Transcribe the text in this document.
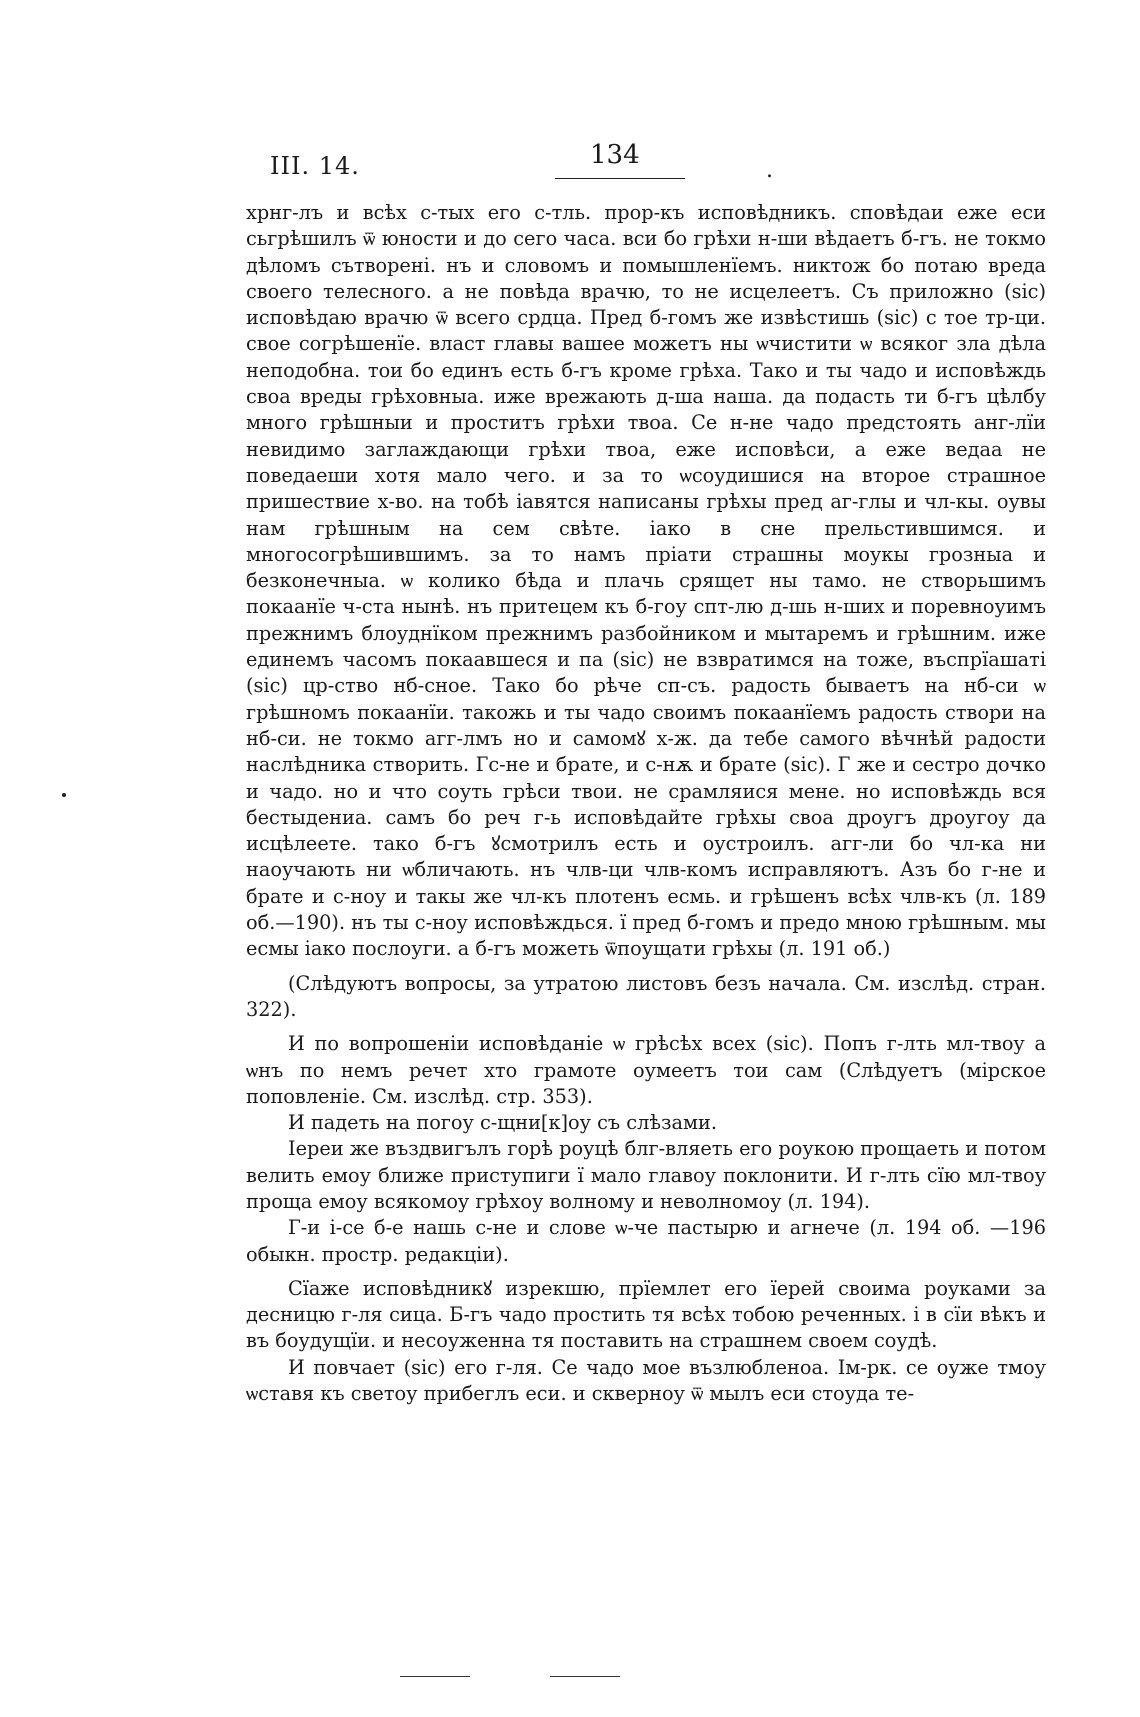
III. 14.	134
.

хрнг-лъ и всѣх с-тых его с-тль. прор-къ исповѣдникъ. сповѣдаи еже еси сьгрѣшилъ ѿ юности и до сего часа. вси бо грѣхи н-ши вѣдаетъ б-гъ. не токмо дѣломъ сътворені. нъ и словомъ и помышленїемъ. никтож бо потаю вреда своего телесного. а не повѣда врачю, то не исцелеетъ. Съ приложно (sic) исповѣдаю врачю ѿ всего срдца. Пред б-гомъ же извѣстишь (sic) с тое тр-ци. свое согрѣшенїе. власт главы вашее можетъ ны ѡчистити ѡ всяког зла дѣла неподобна. тои бо единъ есть б-гъ кроме грѣха. Тако и ты чадо и исповѣждь своа вреды грѣховныа. иже врежають д-ша наша. да подасть ти б-гъ цѣлбу много грѣшныи и проститъ грѣхи твоа. Се н-не чадо предстоять анг-лїи невидимо заглаждающи грѣхи твоа, еже исповѣси, а еже ведаа не поведаеши хотя мало чего. и за то ѡсоудишися на второе страшное пришествие х-во. на тобѣ iавятся написаны грѣхы пред аг-глы и чл-кы. оувы нам грѣшным на сем свѣте. iако в сне прельстившимся. и многосогрѣшившимъ. за то намъ прiати страшны моукы грозныа и безконечныа. ѡ колико бѣда и плачь срящет ны тамо. не створьшимъ покаанїе ч-ста нынѣ. нъ притецем къ б-гоу спт-лю д-шь н-ших и поревноуимъ прежнимъ блоуднїком прежнимъ разбойником и мытаремъ и грѣшним. иже единемъ часомъ покаавшеся и па (sic) не взвратимся на тоже, въспрїашаті (sic) цр-ство нб-сное. Тако бо рѣче сп-съ. радость бываетъ на нб-си ѡ грѣшномъ покаанїи. такожь и ты чадо своимъ покаанїемъ радость створи на нб-си. не токмо агг-лмъ но и самомꙋ х-ж. да тебе самого вѣчнѣй радости наслѣдника створить. Гс-не и брате, и с-нѫ и брате (sic). Г же и сестро дочко и чадо. но и что соуть грѣси твои. не срамляися мене. но исповѣждь вся бестыдениа. самъ бо реч г-ь исповѣдайте грѣхы своа дроугъ дроугоу да исцѣлеете. тако б-гъ ꙋсмотрилъ есть и оустроилъ. агг-ли бо чл-ка ни наоучають ни ѡбличають. нъ члв-ци члв-комъ исправляютъ. Азъ бо г-не и брате и с-ноу и такы же чл-къ плотенъ есмь. и грѣшенъ всѣх члв-къ (л. 189 об.—190). нъ ты с-ноу исповѣждься. ї пред б-гомъ и предо мною грѣшным. мы есмы iако послоуги. а б-гъ можеть ѿпоущати грѣхы (л. 191 об.)

(Слѣдуютъ вопросы, за утратою листовъ безъ начала. См. изслѣд. стран. 322).

И по вопрошенiи исповѣданiе ѡ грѣсѣх всех (sic). Попъ г-лть мл-твоу а ѡнъ по немъ речет хто грамоте оумеетъ тои сам (Слѣдуетъ (мiрское поповленiе. См. изслѣд. стр. 353).

И падеть на погоу с-щни[к]оу съ слѣзами.

Iереи же въздвигълъ горѣ роуцѣ блг-вляеть его роукою прощаеть и потом велить емоу ближе приступиги ї мало главоу поклонити. И г-лть сїю мл-твоу проща емоу всякомоу грѣхоу волному и неволномоу (л. 194).

Г-и і-се б-е нашь с-не и слове ѡ-че пастырю и агнече (л. 194 об. —196 обыкн. простр. редакцiи).

Сїаже исповѣдникꙋ изрекшю, прїемлет его їерей своима роуками за десницю г-ля сица. Б-гъ чадо простить тя всѣх тобою реченных. і в сїи вѣкъ и въ боудущїи. и несоуженна тя поставить на страшнем своем соудѣ.

И повчает (sic) его г-ля. Се чадо мое възлюбленоа. Ім-рк. се оуже тмоу ѡставя къ светоу прибеглъ еси. и скверноу ѿ мылъ еси стоуда те-
